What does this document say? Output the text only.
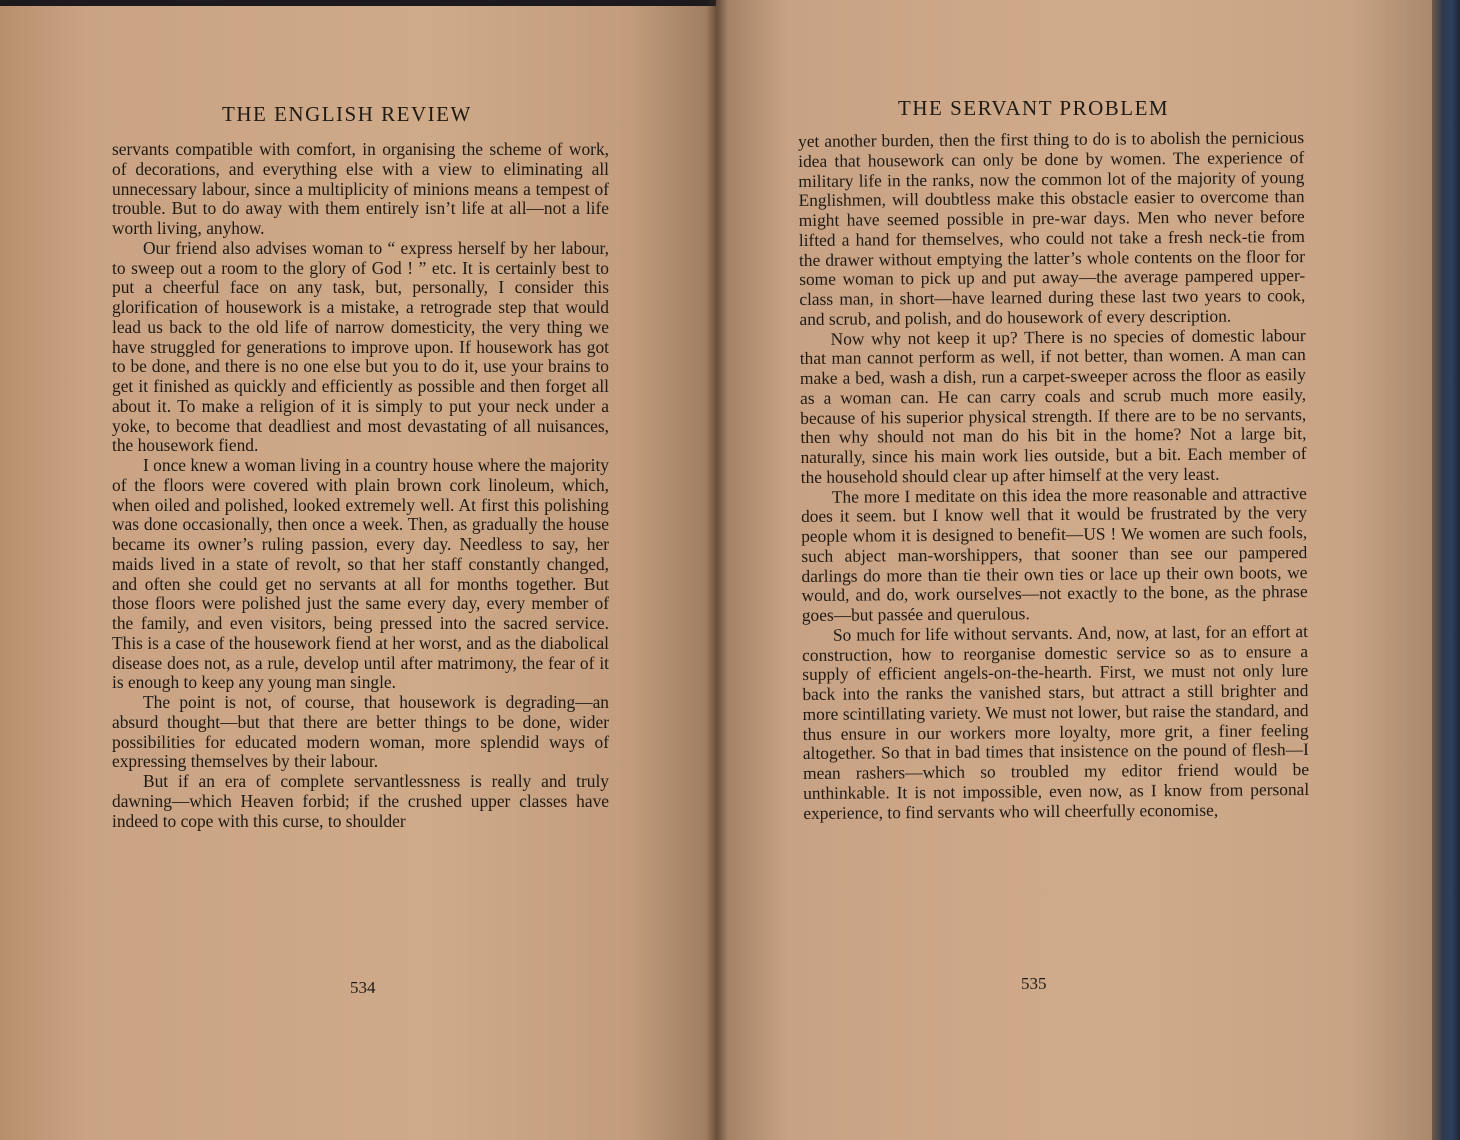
THE ENGLISH REVIEW

servants compatible with comfort, in organising the scheme of work, of decorations, and everything else with a view to eliminating all unnecessary labour, since a multiplicity of minions means a tempest of trouble. But to do away with them entirely isn’t life at all—not a life worth living, anyhow.

Our friend also advises woman to “ express herself by her labour, to sweep out a room to the glory of God ! ” etc. It is certainly best to put a cheerful face on any task, but, personally, I consider this glorification of housework is a mistake, a retrograde step that would lead us back to the old life of narrow domesticity, the very thing we have struggled for generations to improve upon. If housework has got to be done, and there is no one else but you to do it, use your brains to get it finished as quickly and efficiently as possible and then forget all about it. To make a religion of it is simply to put your neck under a yoke, to become that deadliest and most devastating of all nuisances, the housework fiend.

I once knew a woman living in a country house where the majority of the floors were covered with plain brown cork linoleum, which, when oiled and polished, looked extremely well. At first this polishing was done occasionally, then once a week. Then, as gradually the house became its owner’s ruling passion, every day. Needless to say, her maids lived in a state of revolt, so that her staff constantly changed, and often she could get no servants at all for months together. But those floors were polished just the same every day, every member of the family, and even visitors, being pressed into the sacred service. This is a case of the housework fiend at her worst, and as the diabolical disease does not, as a rule, develop until after matrimony, the fear of it is enough to keep any young man single.

The point is not, of course, that housework is degrading—an absurd thought—but that there are better things to be done, wider possibilities for educated modern woman, more splendid ways of expressing themselves by their labour.

But if an era of complete servantlessness is really and truly dawning—which Heaven forbid; if the crushed upper classes have indeed to cope with this curse, to shoulder

534

THE SERVANT PROBLEM

yet another burden, then the first thing to do is to abolish the pernicious idea that housework can only be done by women. The experience of military life in the ranks, now the common lot of the majority of young Englishmen, will doubtless make this obstacle easier to overcome than might have seemed possible in pre-war days. Men who never before lifted a hand for themselves, who could not take a fresh neck-tie from the drawer without emptying the latter’s whole contents on the floor for some woman to pick up and put away—the average pampered upper-class man, in short—have learned during these last two years to cook, and scrub, and polish, and do housework of every description.

Now why not keep it up? There is no species of domestic labour that man cannot perform as well, if not better, than women. A man can make a bed, wash a dish, run a carpet-sweeper across the floor as easily as a woman can. He can carry coals and scrub much more easily, because of his superior physical strength. If there are to be no servants, then why should not man do his bit in the home? Not a large bit, naturally, since his main work lies outside, but a bit. Each member of the household should clear up after himself at the very least.

The more I meditate on this idea the more reasonable and attractive does it seem. but I know well that it would be frustrated by the very people whom it is designed to benefit—US ! We women are such fools, such abject man-worshippers, that sooner than see our pampered darlings do more than tie their own ties or lace up their own boots, we would, and do, work ourselves—not exactly to the bone, as the phrase goes—but passée and querulous.

So much for life without servants. And, now, at last, for an effort at construction, how to reorganise domestic service so as to ensure a supply of efficient angels-on-the-hearth. First, we must not only lure back into the ranks the vanished stars, but attract a still brighter and more scintillating variety. We must not lower, but raise the standard, and thus ensure in our workers more loyalty, more grit, a finer feeling altogether. So that in bad times that insistence on the pound of flesh—I mean rashers—which so troubled my editor friend would be unthinkable. It is not impossible, even now, as I know from personal experience, to find servants who will cheerfully economise,

535
